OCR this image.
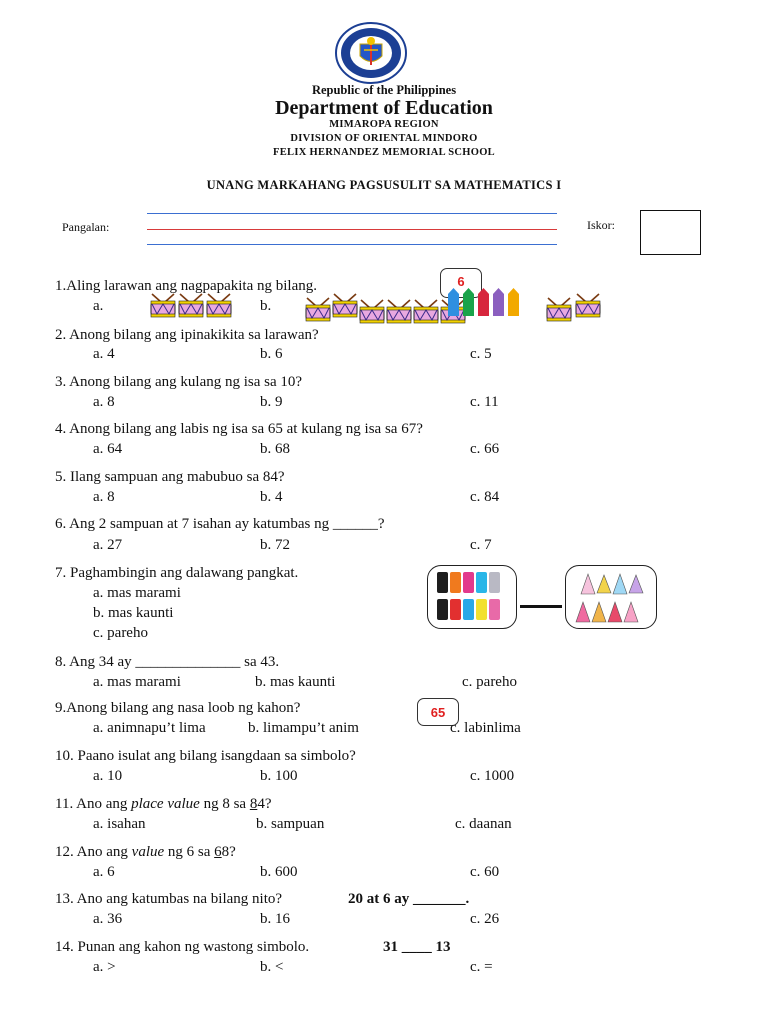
Republic of the Philippines
Department of Education
MIMAROPA REGION
DIVISION OF ORIENTAL MINDORO
FELIX HERNANDEZ MEMORIAL SCHOOL
UNANG MARKAHANG PAGSUSULIT SA MATHEMATICS I
Pangalan:	Iskor:
1.Aling larawan ang nagpapakita ng bilang.	6
a.	b.
2. Anong bilang ang ipinakikita sa larawan?
a. 4	b. 6	c. 5
3. Anong bilang ang kulang ng isa sa 10?
a. 8	b. 9	c. 11
4. Anong bilang ang labis ng isa sa 65 at kulang ng isa sa 67?
a. 64	b. 68	c. 66
5. Ilang sampuan ang mabubuo sa 84?
a. 8	b. 4	c. 84
6. Ang 2 sampuan at 7 isahan ay katumbas ng ______?
a. 27	b. 72	c. 7
7. Paghambingin ang dalawang pangkat.
a. mas marami
b. mas kaunti
c. pareho
8. Ang 34 ay ______________ sa 43.
a. mas marami	b. mas kaunti	c. pareho
9.Anong bilang ang nasa loob ng kahon?	65
a. animnapu’t lima	b. limampu’t anim	c. labinlima
10. Paano isulat ang bilang isangdaan sa simbolo?
a. 10	b. 100	c. 1000
11. Ano ang place value ng 8 sa 84?
a. isahan	b. sampuan	c. daanan
12. Ano ang value ng 6 sa 68?
a. 6	b. 600	c. 60
13. Ano ang katumbas na bilang nito?	20 at 6 ay _______.
a. 36	b. 16	c. 26
14. Punan ang kahon ng wastong simbolo.	31 ____ 13
a. >	b. <	c. =
